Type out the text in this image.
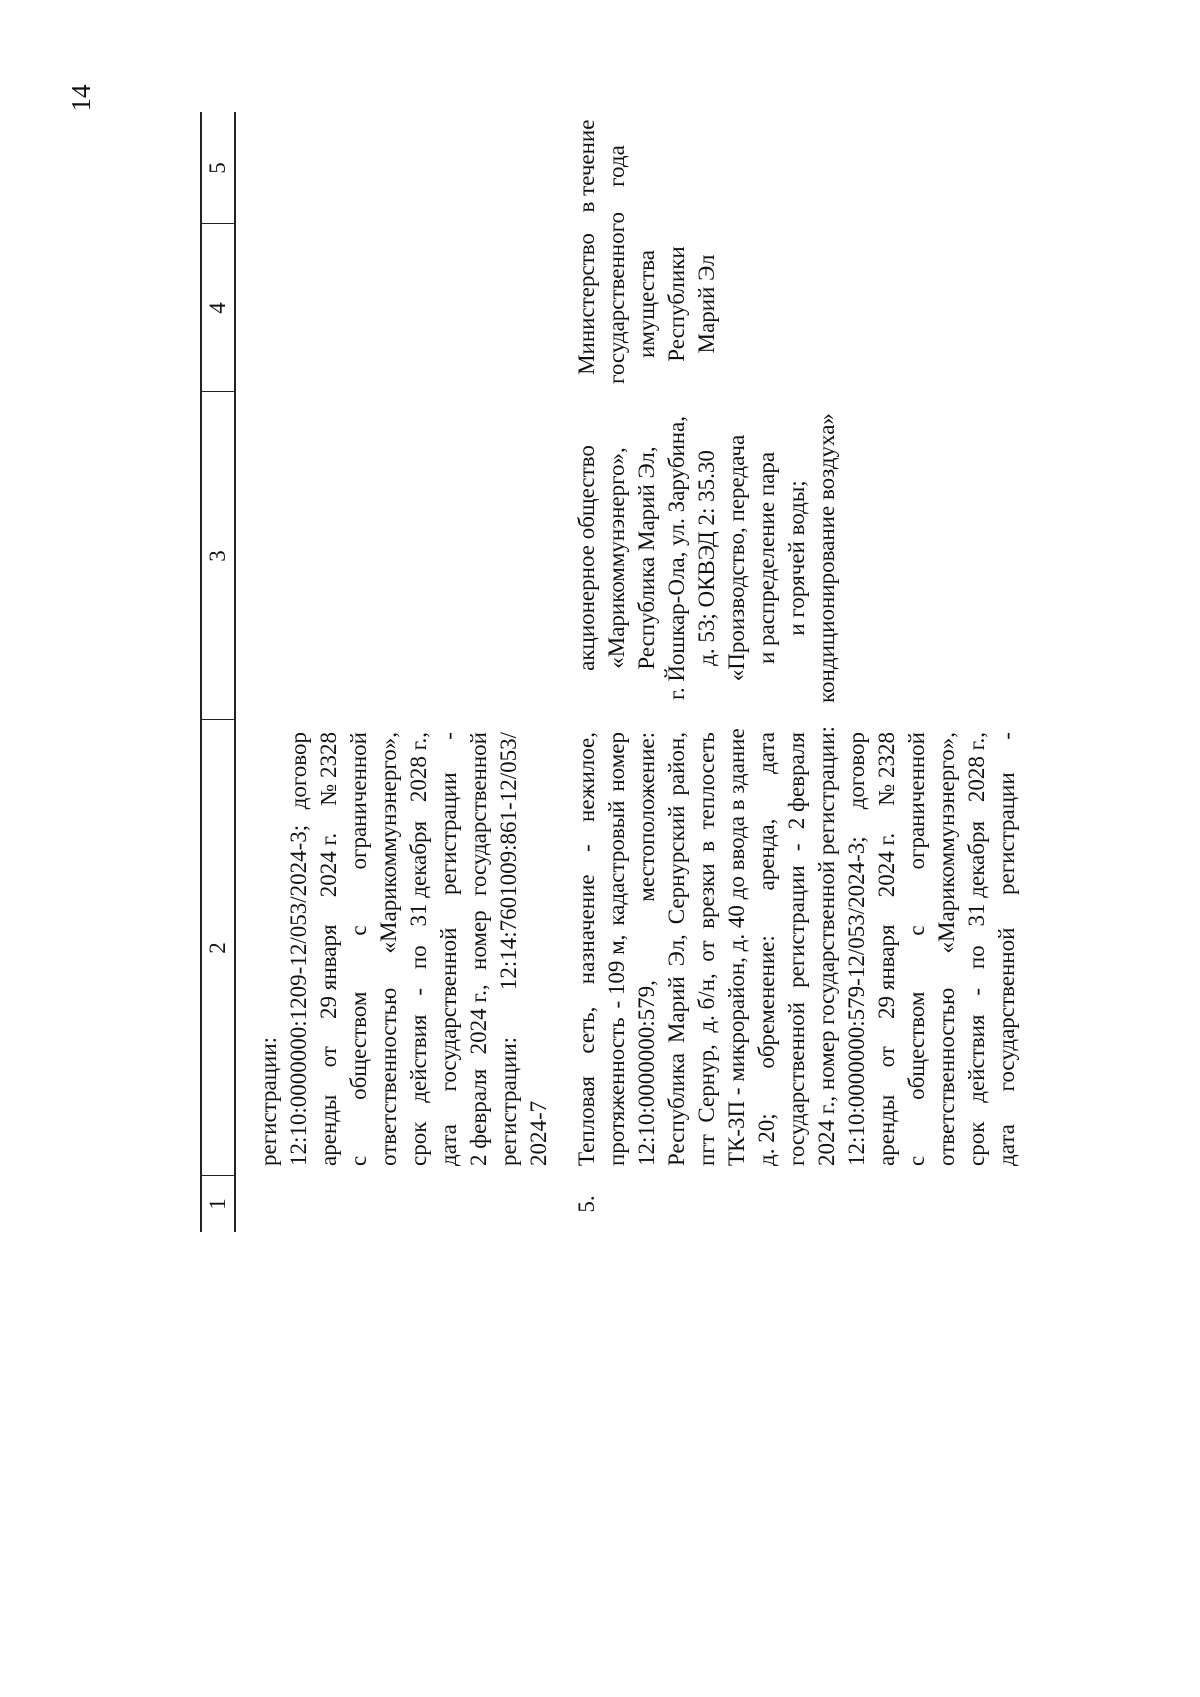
14
1
2
3
4
5
регистрации: 12:10:0000000:1209-12/053/2024-3;
договор
аренды
от
29 января
2024 г.
№ 2328
с
обществом
с
ограниченной
ответственностью
«Марикоммунэнерго»,
срок
действия
-
по
31 декабря
2028 г.,
дата
государственной
регистрации
-
2 февраля
2024 г.,
номер
государственной
регистрации:
12:14:7601009:861-12/053/
2024-7
5.
Тепловая
сеть,
назначение
-
нежилое,
протяженность
- 109 м,
кадастровый
номер
12:10:0000000:579,
местоположение:
Республика
Марий
Эл,
Сернурский
район,
пгт
Сернур,
д. б/н,
от
врезки
в
теплосеть ТК-3П - микрорайон, д. 40 до ввода в здание д. 20;
обременение:
аренда,
дата
государственной
регистрации
-
2 февраля 2024 г., номер государственной регистрации: 12:10:0000000:579-12/053/2024-3;
договор
аренды
от
29 января
2024 г.
№ 2328
с
обществом
с
ограниченной
ответственностью
«Марикоммунэнерго»,
срок
действия
-
по
31 декабря
2028 г.,
дата
государственной
регистрации
-
акционерное общество «Марикоммунэнерго», Республика Марий Эл, г. Йошкар-Ола, ул. Зарубина, д. 53; ОКВЭД 2: 35.30 «Производство, передача и распределение пара и горячей воды; кондиционирование воздуха»
Министерство государственного имущества Республики Марий Эл
в течение года
